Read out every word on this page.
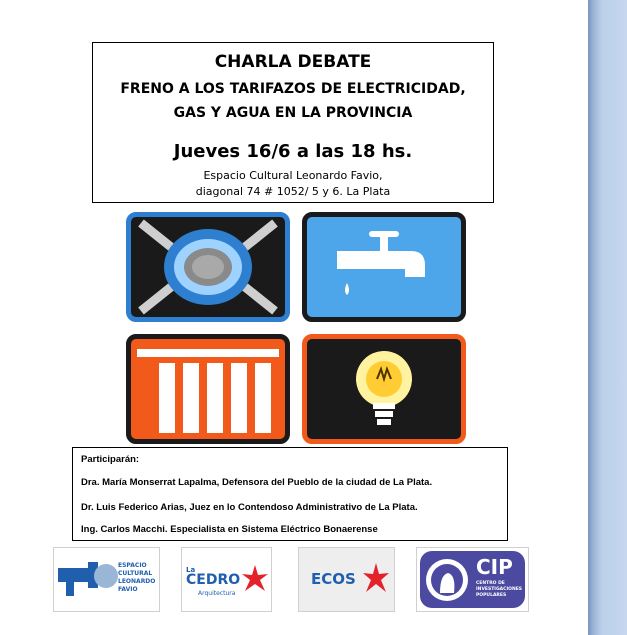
CHARLA DEBATE
FRENO A LOS TARIFAZOS DE ELECTRICIDAD,
GAS Y AGUA EN LA PROVINCIA
Jueves 16/6 a las 18 hs.
Espacio Cultural Leonardo Favio,
diagonal 74 # 1052/ 5 y 6. La Plata
Participarán:
Dra. María Monserrat Lapalma, Defensora del Pueblo de la ciudad de La Plata.
Dr. Luis Federico Arias, Juez en lo Contendoso Administrativo de La Plata.
Ing. Carlos Macchi. Especialista en Sistema Eléctrico Bonaerense
ESPACIO CULTURAL LEONARDO FAVIO
La
CEDRO
Arquitectura
ECOS	CIP
CENTRO DE INVESTIGACIONES POPULARES
